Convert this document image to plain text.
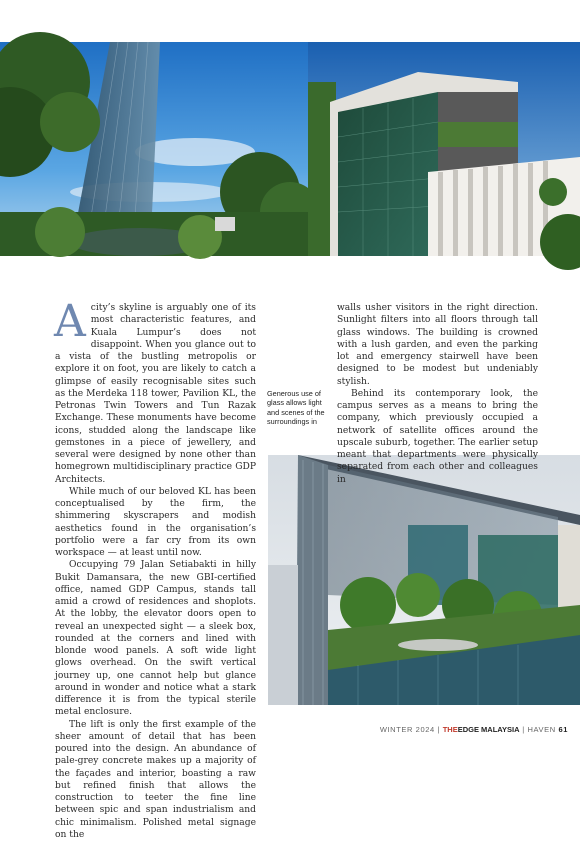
Acity’s skyline is arguably one of its most characteristic features, and Kuala Lumpur’s does not disappoint. When you glance out to a vista of the bustling metropolis or explore it on foot, you are likely to catch a glimpse of easily recognisable sites such as the Merdeka 118 tower, Pavilion KL, the Petronas Twin Towers and Tun Razak Exchange. These monuments have become icons, studded along the landscape like gemstones in a piece of jewellery, and several were designed by none other than homegrown multidisciplinary practice GDP Architects.

While much of our beloved KL has been conceptualised by the firm, the shimmering skyscrapers and modish aesthetics found in the organisation’s portfolio were a far cry from its own workspace — at least until now.

Occupying 79 Jalan Setiabakti in hilly Bukit Damansara, the new GBI-certified office, named GDP Campus, stands tall amid a crowd of residences and shoplots. At the lobby, the elevator doors open to reveal an unexpected sight — a sleek box, rounded at the corners and lined with blonde wood panels. A soft wide light glows overhead. On the swift vertical journey up, one cannot help but glance around in wonder and notice what a stark difference it is from the typical sterile metal enclosure.

The lift is only the first example of the sheer amount of detail that has been poured into the design. An abundance of pale-grey concrete makes up a majority of the façades and interior, boasting a raw but refined finish that allows the construction to teeter the fine line between spic and span industrialism and chic minimalism. Polished metal signage on the

Generous use of glass allows light and scenes of the surroundings in

walls usher visitors in the right direction. Sunlight filters into all floors through tall glass windows. The building is crowned with a lush garden, and even the parking lot and emergency stairwell have been designed to be modest but undeniably stylish.

Behind its contemporary look, the campus serves as a means to bring the company, which previously occupied a network of satellite offices around the upscale suburb, together. The earlier setup meant that departments were physically separated from each other and colleagues in

WINTER 2024 | THEEDGE MALAYSIA | HAVEN 61
